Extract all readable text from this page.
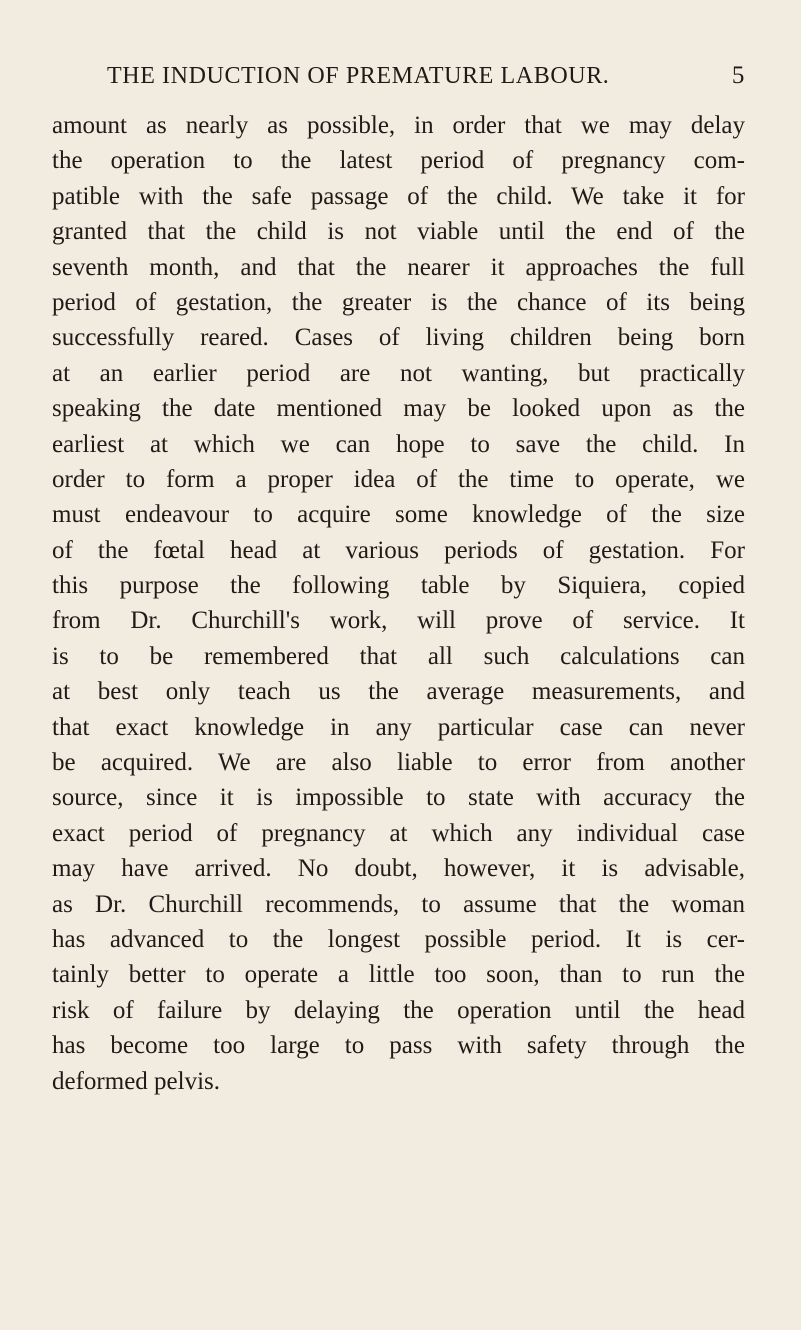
THE INDUCTION OF PREMATURE LABOUR.	5
amount as nearly as possible, in order that we may delay
the operation to the latest period of pregnancy com-
patible with the safe passage of the child. We take it for
granted that the child is not viable until the end of the
seventh month, and that the nearer it approaches the full
period of gestation, the greater is the chance of its being
successfully reared. Cases of living children being born
at an earlier period are not wanting, but practically
speaking the date mentioned may be looked upon as the
earliest at which we can hope to save the child. In
order to form a proper idea of the time to operate, we
must endeavour to acquire some knowledge of the size
of the fœtal head at various periods of gestation. For
this purpose the following table by Siquiera, copied
from Dr. Churchill's work, will prove of service. It
is to be remembered that all such calculations can
at best only teach us the average measurements, and
that exact knowledge in any particular case can never
be acquired. We are also liable to error from another
source, since it is impossible to state with accuracy the
exact period of pregnancy at which any individual case
may have arrived. No doubt, however, it is advisable,
as Dr. Churchill recommends, to assume that the woman
has advanced to the longest possible period. It is cer-
tainly better to operate a little too soon, than to run the
risk of failure by delaying the operation until the head
has become too large to pass with safety through the
deformed pelvis.
